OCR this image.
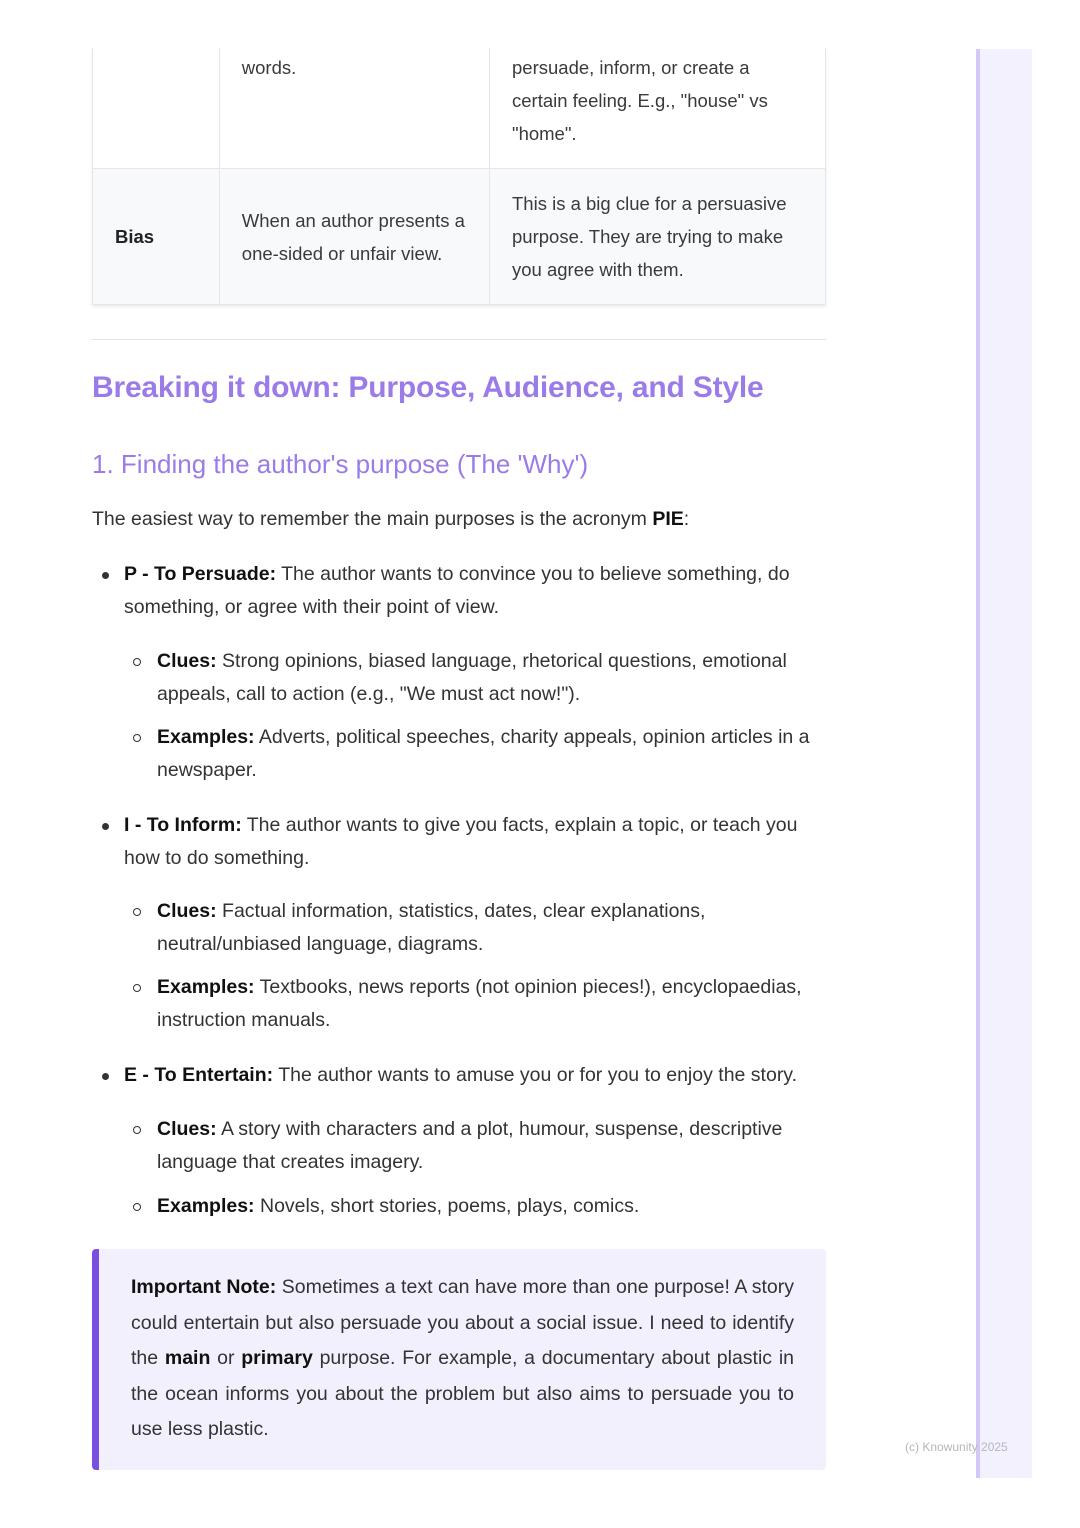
	words.	persuade, inform, or create a certain feeling. E.g., "house" vs "home".

Bias	When an author presents a one-sided or unfair view.	This is a big clue for a persuasive purpose. They are trying to make you agree with them.
Breaking it down: Purpose, Audience, and Style
1. Finding the author's purpose (The 'Why')

The easiest way to remember the main purposes is the acronym PIE:

P - To Persuade: The author wants to convince you to believe something, do something, or agree with their point of view.

Clues: Strong opinions, biased language, rhetorical questions, emotional appeals, call to action (e.g., "We must act now!").

Examples: Adverts, political speeches, charity appeals, opinion articles in a newspaper.

I - To Inform: The author wants to give you facts, explain a topic, or teach you how to do something.

Clues: Factual information, statistics, dates, clear explanations, neutral/unbiased language, diagrams.

Examples: Textbooks, news reports (not opinion pieces!), encyclopaedias, instruction manuals.

E - To Entertain: The author wants to amuse you or for you to enjoy the story.

Clues: A story with characters and a plot, humour, suspense, descriptive language that creates imagery.

Examples: Novels, short stories, poems, plays, comics.

Important Note: Sometimes a text can have more than one purpose! A story could entertain but also persuade you about a social issue. I need to identify the main or primary purpose. For example, a documentary about plastic in the ocean informs you about the problem but also aims to persuade you to use less plastic.

(c) Knowunity 2025
